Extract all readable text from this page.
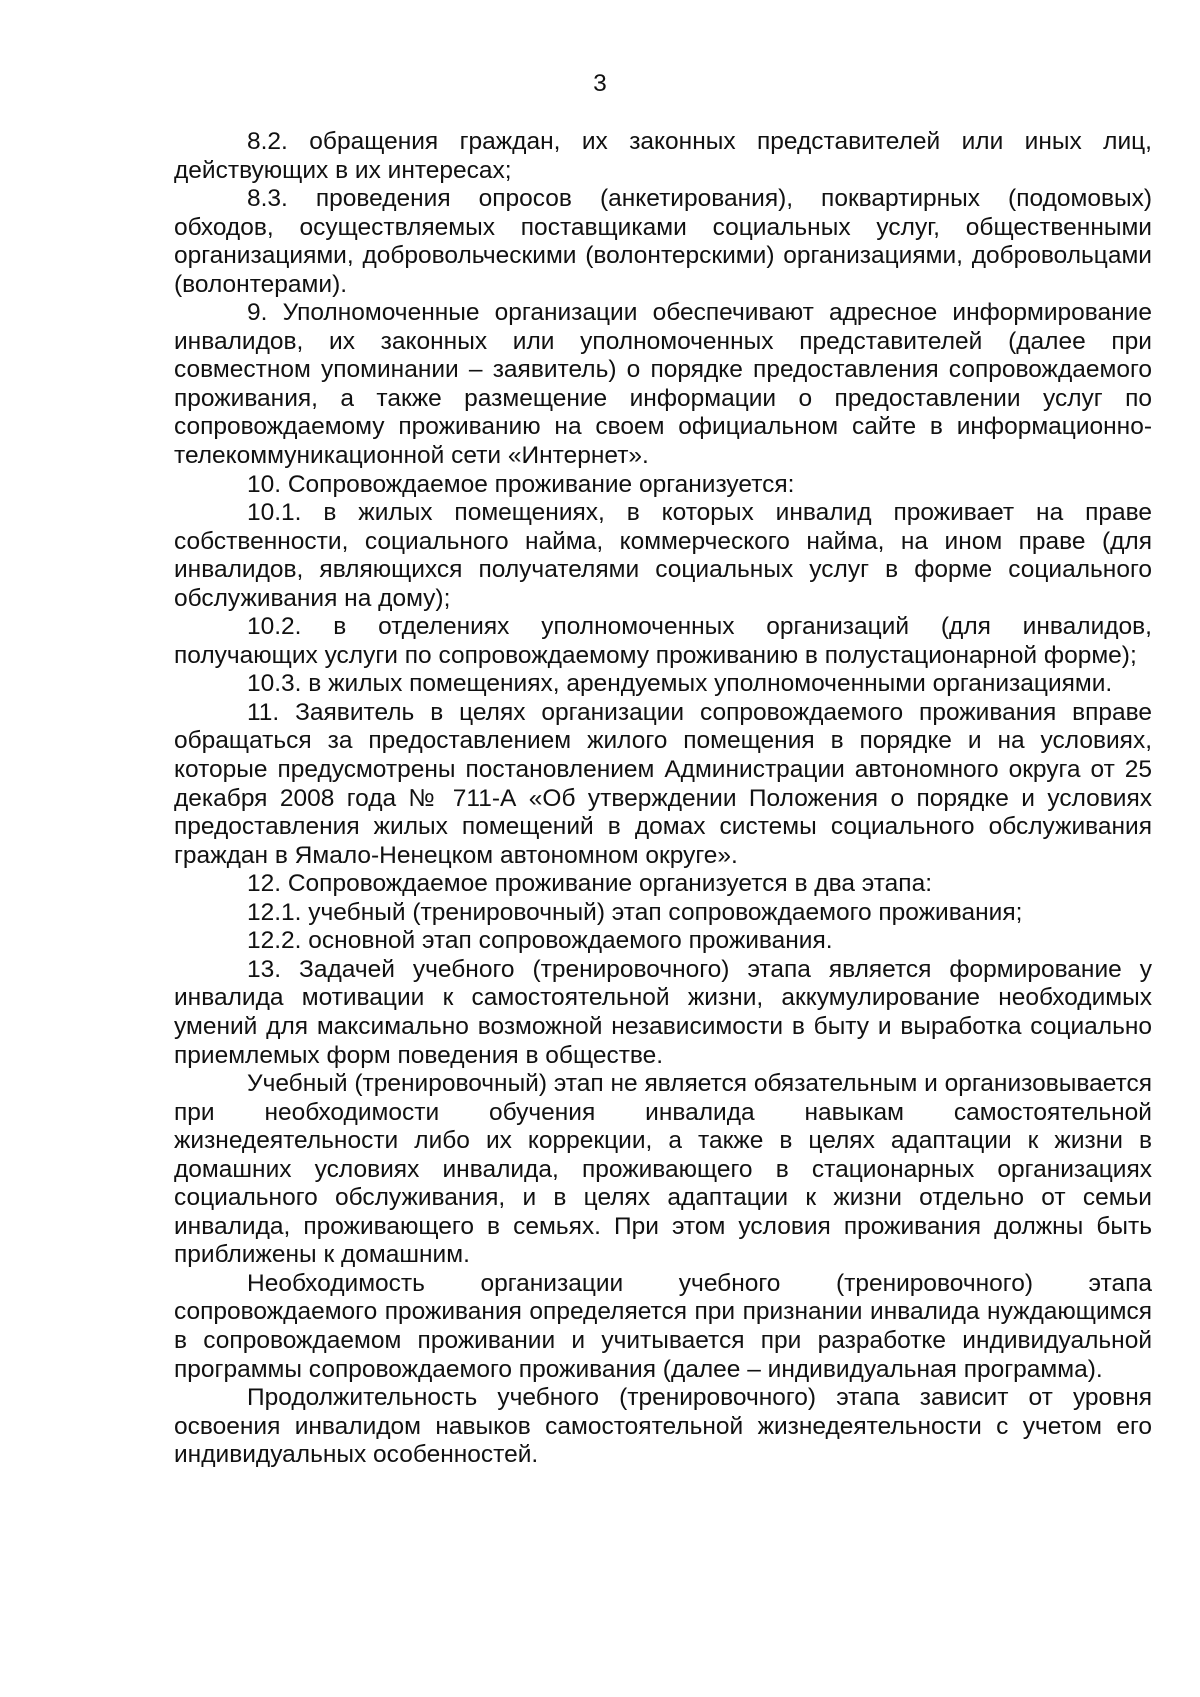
3

8.2. обращения граждан, их законных представителей или иных лиц, действующих в их интересах;

8.3. проведения опросов (анкетирования), поквартирных (подомовых) обходов, осуществляемых поставщиками социальных услуг, общественными организациями, добровольческими (волонтерскими) организациями, добровольцами (волонтерами).

9. Уполномоченные организации обеспечивают адресное информирование инвалидов, их законных или уполномоченных представителей (далее при совместном упоминании – заявитель) о порядке предоставления сопровождаемого проживания, а также размещение информации о предоставлении услуг по сопровождаемому проживанию на своем официальном сайте в информационно-телекоммуникационной сети «Интернет».

10. Сопровождаемое проживание организуется:

10.1. в жилых помещениях, в которых инвалид проживает на праве собственности, социального найма, коммерческого найма, на ином праве (для инвалидов, являющихся получателями социальных услуг в форме социального обслуживания на дому);

10.2. в отделениях уполномоченных организаций (для инвалидов, получающих услуги по сопровождаемому проживанию в полустационарной форме);

10.3. в жилых помещениях, арендуемых уполномоченными организациями.

11. Заявитель в целях организации сопровождаемого проживания вправе обращаться за предоставлением жилого помещения в порядке и на условиях, которые предусмотрены постановлением Администрации автономного округа от 25 декабря 2008 года № 711-А «Об утверждении Положения о порядке и условиях предоставления жилых помещений в домах системы социального обслуживания граждан в Ямало-Ненецком автономном округе».

12. Сопровождаемое проживание организуется в два этапа:

12.1. учебный (тренировочный) этап сопровождаемого проживания;

12.2. основной этап сопровождаемого проживания.

13. Задачей учебного (тренировочного) этапа является формирование у инвалида мотивации к самостоятельной жизни, аккумулирование необходимых умений для максимально возможной независимости в быту и выработка социально приемлемых форм поведения в обществе.

Учебный (тренировочный) этап не является обязательным и организовывается при необходимости обучения инвалида навыкам самостоятельной жизнедеятельности либо их коррекции, а также в целях адаптации к жизни в домашних условиях инвалида, проживающего в стационарных организациях социального обслуживания, и в целях адаптации к жизни отдельно от семьи инвалида, проживающего в семьях. При этом условия проживания должны быть приближены к домашним.

Необходимость организации учебного (тренировочного) этапа сопровождаемого проживания определяется при признании инвалида нуждающимся в сопровождаемом проживании и учитывается при разработке индивидуальной программы сопровождаемого проживания (далее – индивидуальная программа).

Продолжительность учебного (тренировочного) этапа зависит от уровня освоения инвалидом навыков самостоятельной жизнедеятельности с учетом его индивидуальных особенностей.
